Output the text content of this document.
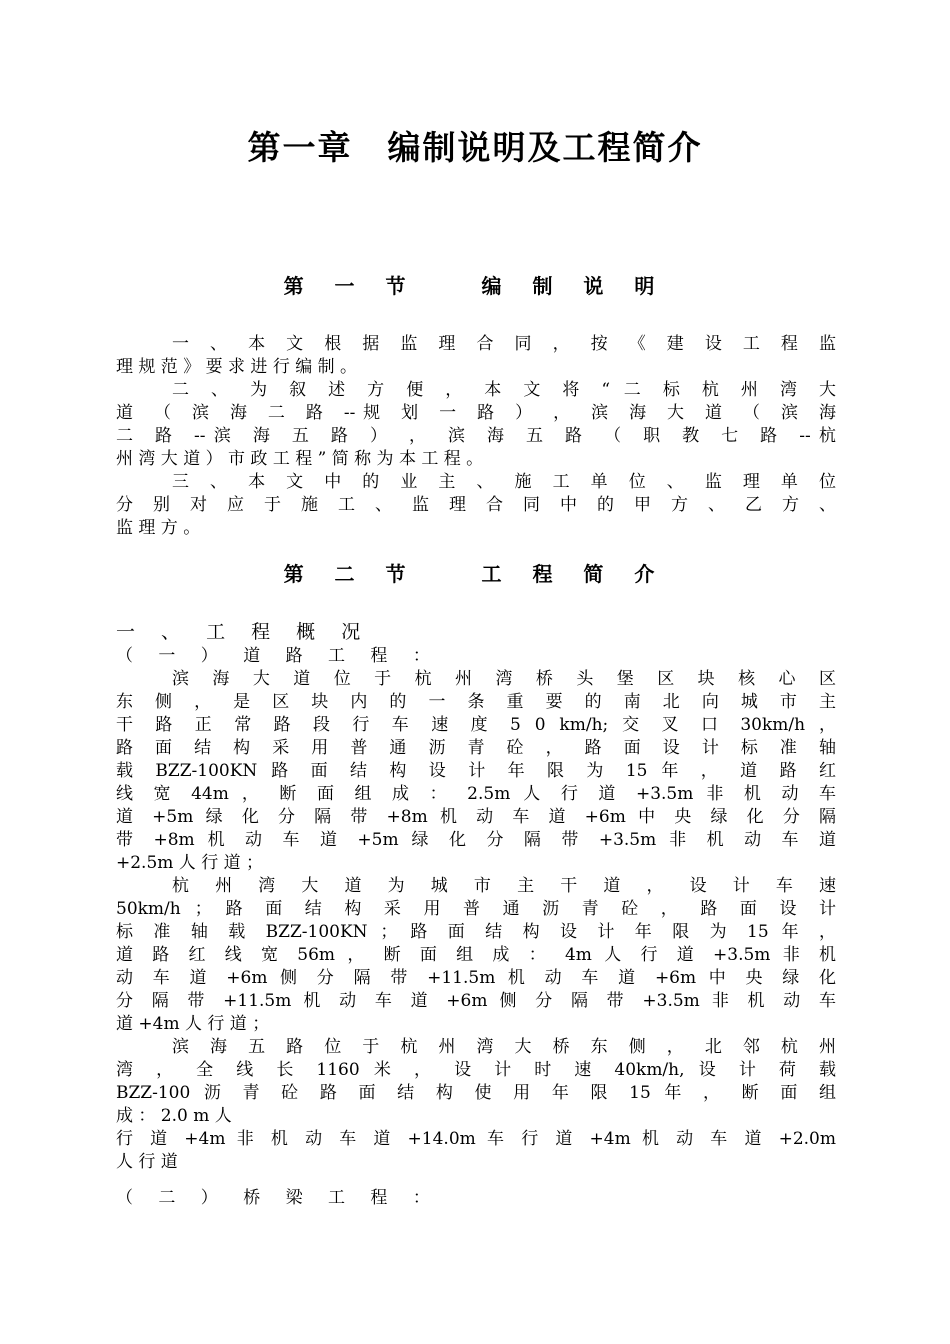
第一章　编制说明及工程简介
第 一 节　　编 制 说 明
一 、 本 文 根 据 监 理 合 同 ， 按 《 建 设 工 程 监
理 规 范 》 要 求 进 行 编 制 。
二 、 为 叙 述 方 便 ， 本 文 将 “ 二 标 杭 州 湾 大
道 （ 滨 海 二 路 --规 划 一 路 ） ， 滨 海 大 道 （ 滨 海
二 路 --滨 海 五 路 ） ， 滨 海 五 路 （ 职 教 七 路 --杭
州 湾 大 道 ） 市 政 工 程 ” 简 称 为 本 工 程 。
三 、 本 文 中 的 业 主 、 施 工 单 位 、 监 理 单 位
分 别 对 应 于 施 工 、 监 理 合 同 中 的 甲 方 、 乙 方 、
监 理 方 。
第 二 节　　工 程 简 介
一 、 工 程 概 况
（ 一 ） 道 路 工 程 ：
滨 海 大 道 位 于 杭 州 湾 桥 头 堡 区 块 核 心 区
东 侧 ， 是 区 块 内 的 一 条 重 要 的 南 北 向 城 市 主
干 路 正 常 路 段 行 车 速 度 5 0 km/h; 交 叉 口 30km/h ，
路 面 结 构 采 用 普 通 沥 青 砼 ， 路 面 设 计 标 准 轴
载 BZZ-100KN 路 面 结 构 设 计 年 限 为 15 年 ， 道 路 红
线 宽 44m ， 断 面 组 成 ： 2.5m 人 行 道 +3.5m 非 机 动 车
道 +5m 绿 化 分 隔 带 +8m 机 动 车 道 +6m 中 央 绿 化 分 隔
带 +8m 机 动 车 道 +5m 绿 化 分 隔 带 +3.5m 非 机 动 车 道
+2.5m 人 行 道 ；
杭 州 湾 大 道 为 城 市 主 干 道 ， 设 计 车 速
50km/h ； 路 面 结 构 采 用 普 通 沥 青 砼 ， 路 面 设 计
标 准 轴 载 BZZ-100KN ； 路 面 结 构 设 计 年 限 为 15 年 ，
道 路 红 线 宽 56m ， 断 面 组 成 ： 4m 人 行 道 +3.5m 非 机
动 车 道 +6m 侧 分 隔 带 +11.5m 机 动 车 道 +6m 中 央 绿 化
分 隔 带 +11.5m 机 动 车 道 +6m 侧 分 隔 带 +3.5m 非 机 动 车
道 +4m 人 行 道 ；
滨 海 五 路 位 于 杭 州 湾 大 桥 东 侧 ， 北 邻 杭 州
湾 ， 全 线 长 1160 米 ， 设 计 时 速 40km/h, 设 计 荷 载
BZZ-100 沥 青 砼 路 面 结 构 使 用 年 限 15 年 ， 断 面 组
成 ： 2.0 m 人
行 道 +4m 非 机 动 车 道 +14.0m 车 行 道 +4m 机 动 车 道 +2.0m
人 行 道
（ 二 ） 桥 梁 工 程 ：
